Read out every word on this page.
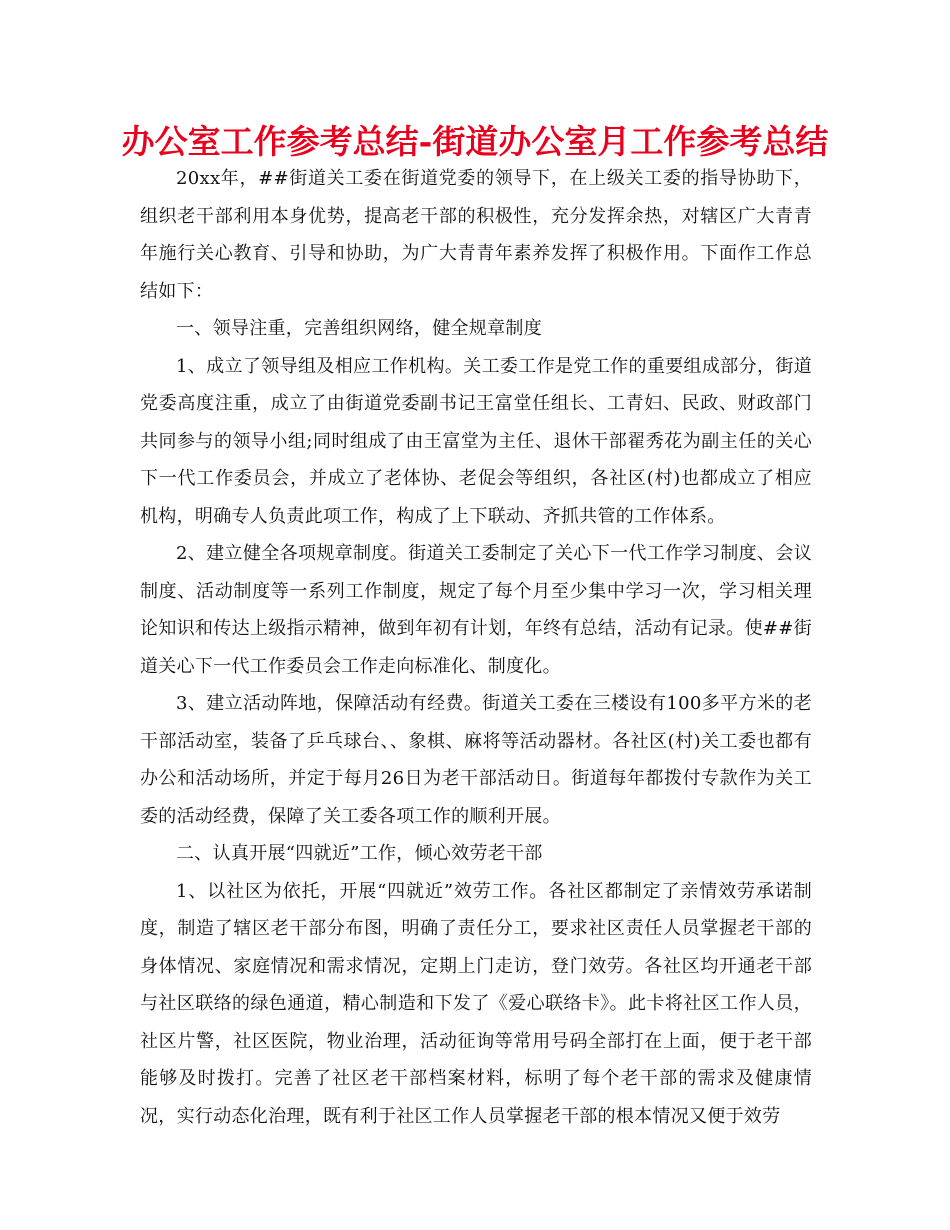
办公室工作参考总结-街道办公室月工作参考总结

20xx年，##街道关工委在街道党委的领导下，在上级关工委的指导协助下，组织老干部利用本身优势，提高老干部的积极性，充分发挥余热，对辖区广大青青年施行关心教育、引导和协助，为广大青青年素养发挥了积极作用。下面作工作总结如下：

一、领导注重，完善组织网络，健全规章制度

1、成立了领导组及相应工作机构。关工委工作是党工作的重要组成部分，街道党委高度注重，成立了由街道党委副书记王富堂任组长、工青妇、民政、财政部门共同参与的领导小组;同时组成了由王富堂为主任、退休干部翟秀花为副主任的关心下一代工作委员会，并成立了老体协、老促会等组织，各社区(村)也都成立了相应机构，明确专人负责此项工作，构成了上下联动、齐抓共管的工作体系。

2、建立健全各项规章制度。街道关工委制定了关心下一代工作学习制度、会议制度、活动制度等一系列工作制度，规定了每个月至少集中学习一次，学习相关理论知识和传达上级指示精神，做到年初有计划，年终有总结，活动有记录。使##街道关心下一代工作委员会工作走向标准化、制度化。

3、建立活动阵地，保障活动有经费。街道关工委在三楼设有100多平方米的老干部活动室，装备了乒乓球台、、象棋、麻将等活动器材。各社区(村)关工委也都有办公和活动场所，并定于每月26日为老干部活动日。街道每年都拨付专款作为关工委的活动经费，保障了关工委各项工作的顺利开展。

二、认真开展“四就近”工作，倾心效劳老干部

1、以社区为依托，开展“四就近”效劳工作。各社区都制定了亲情效劳承诺制度，制造了辖区老干部分布图，明确了责任分工，要求社区责任人员掌握老干部的身体情况、家庭情况和需求情况，定期上门走访，登门效劳。各社区均开通老干部与社区联络的绿色通道，精心制造和下发了《爱心联络卡》。此卡将社区工作人员，社区片警，社区医院，物业治理，活动征询等常用号码全部打在上面，便于老干部能够及时拨打。完善了社区老干部档案材料，标明了每个老干部的需求及健康情况，实行动态化治理，既有利于社区工作人员掌握老干部的根本情况又便于效劳
